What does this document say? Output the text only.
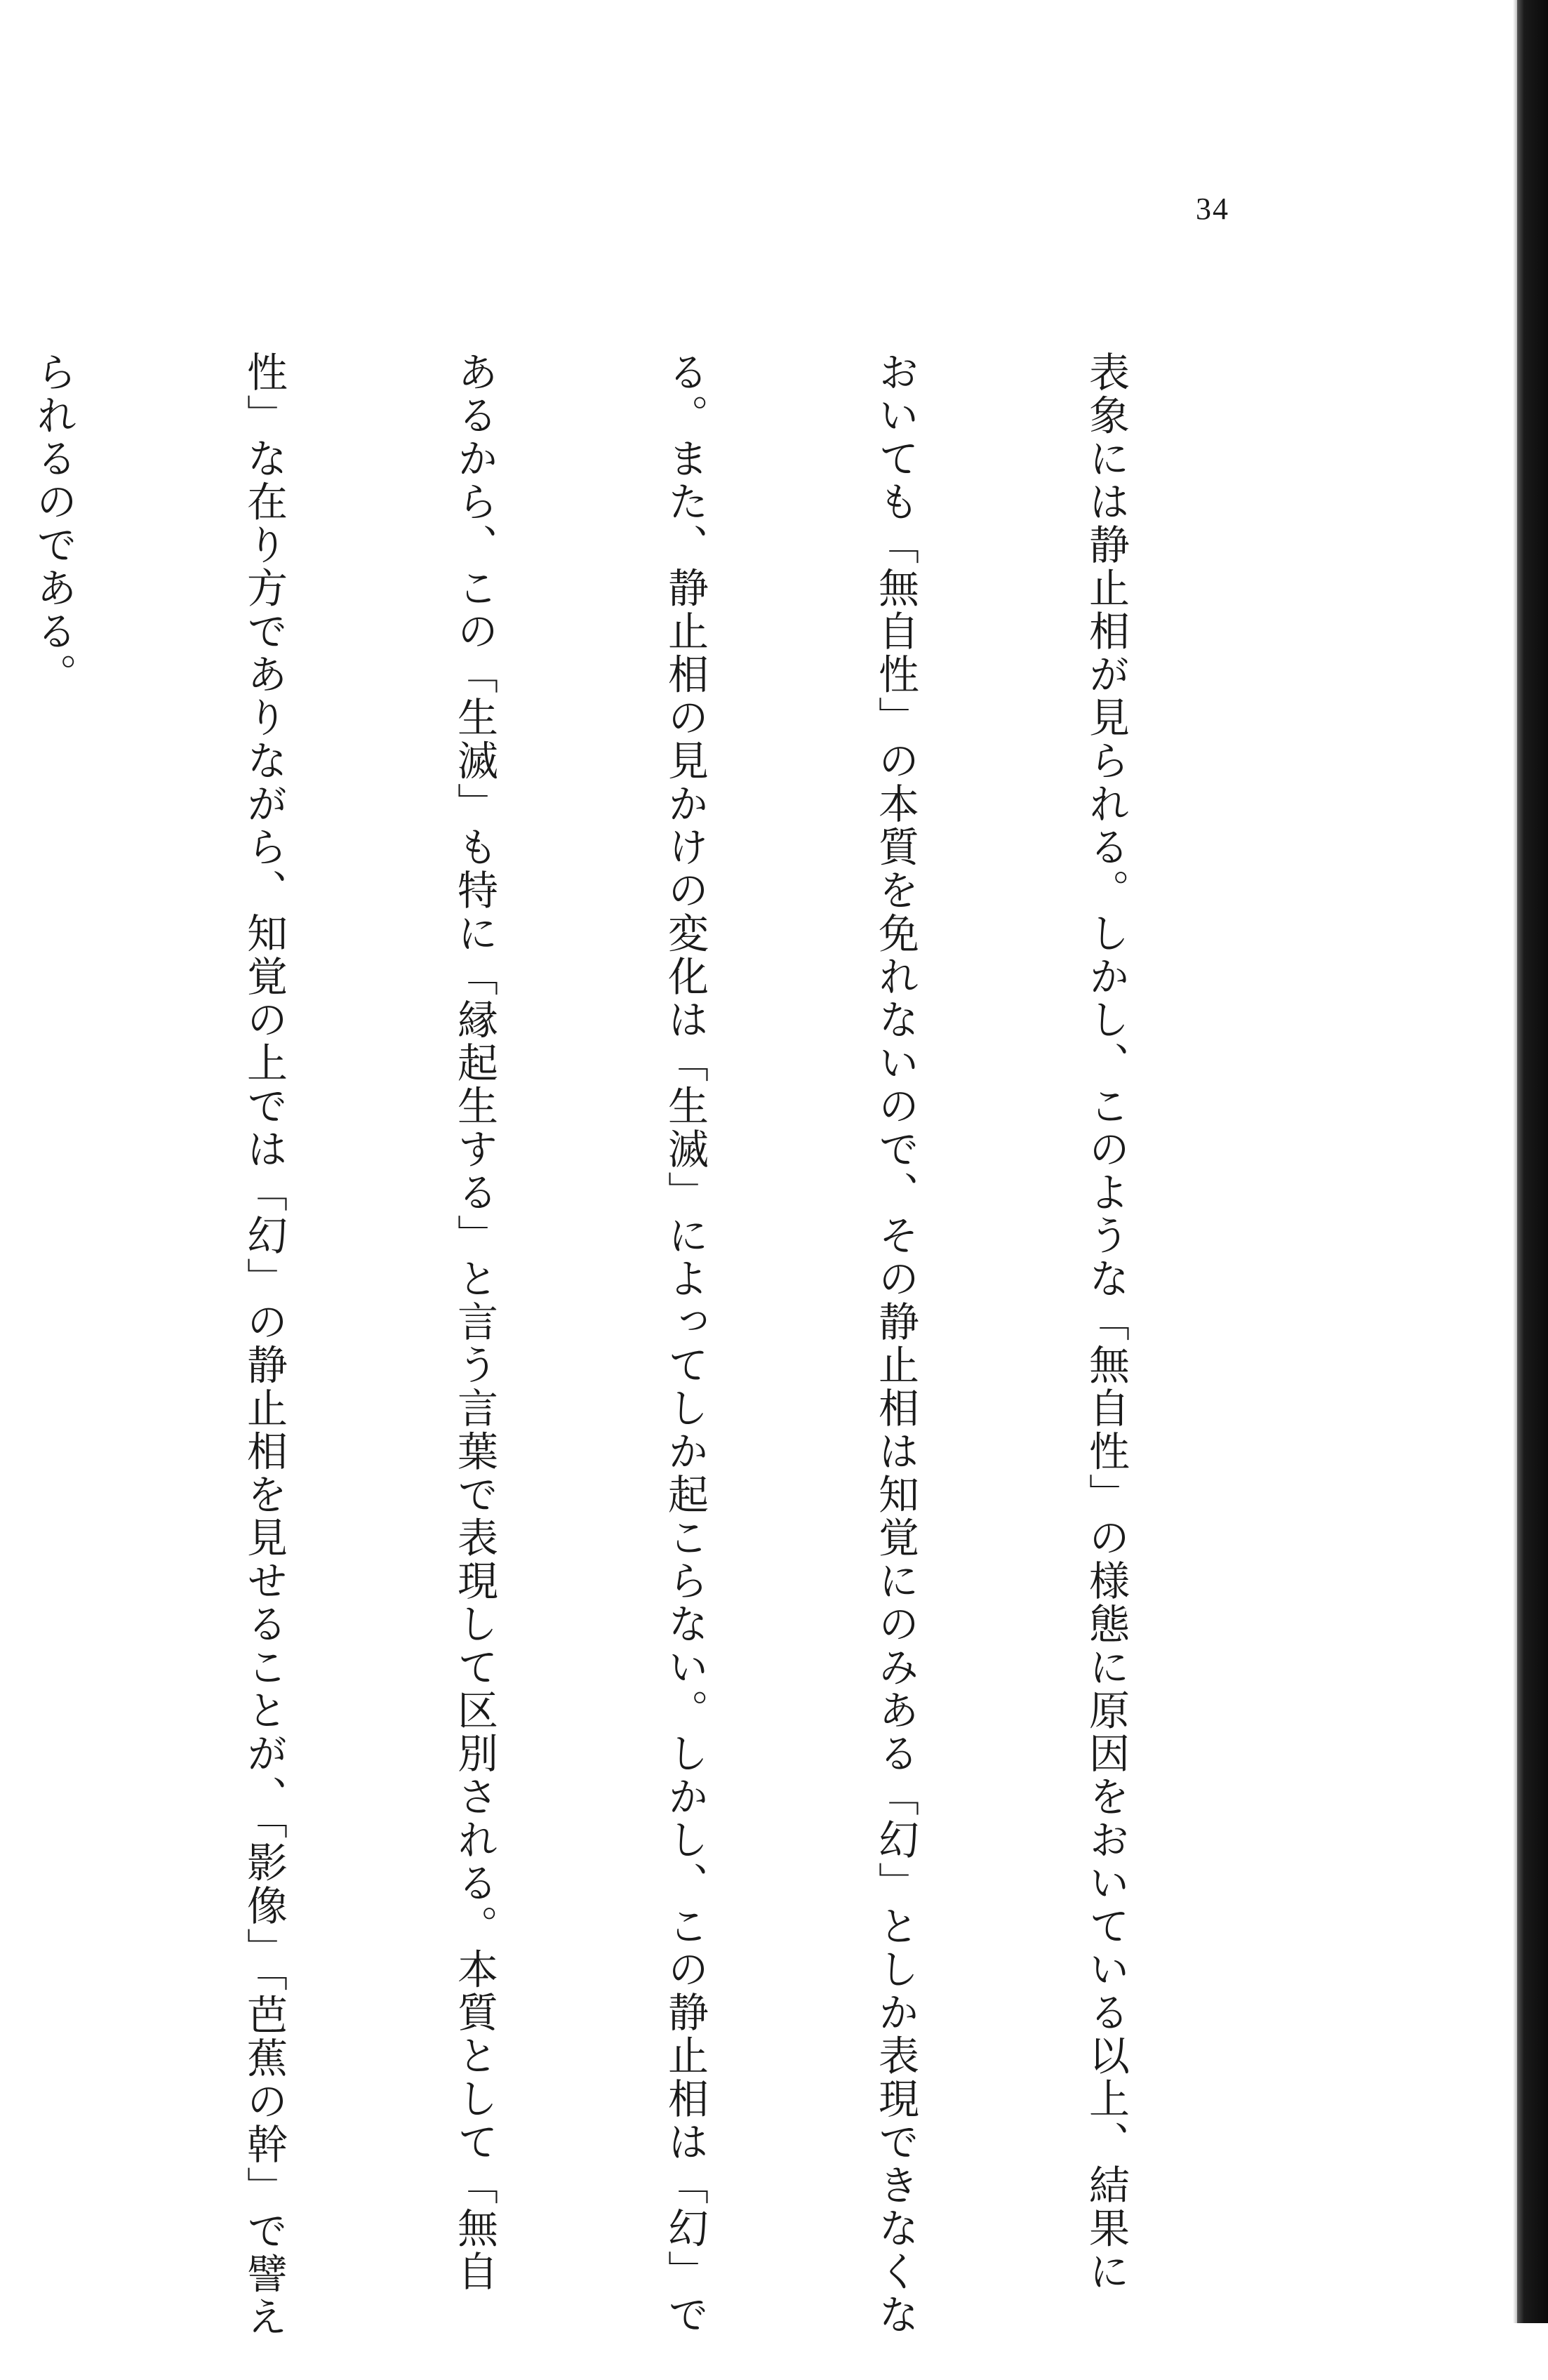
34

表象には静止相が見られる。しかし、このような「無自性」の様態に原因をおいている以上、結果に

おいても「無自性」の本質を免れないので、その静止相は知覚にのみある「幻」としか表現できなくな

る。また、静止相の見かけの変化は「生滅」によってしか起こらない。しかし、この静止相は「幻」で

あるから、この「生滅」も特に「縁起生する」と言う言葉で表現して区別される。本質として「無自

性」な在り方でありながら、知覚の上では「幻」の静止相を見せることが、「影像」「芭蕉の幹」で譬え

られるのである。
